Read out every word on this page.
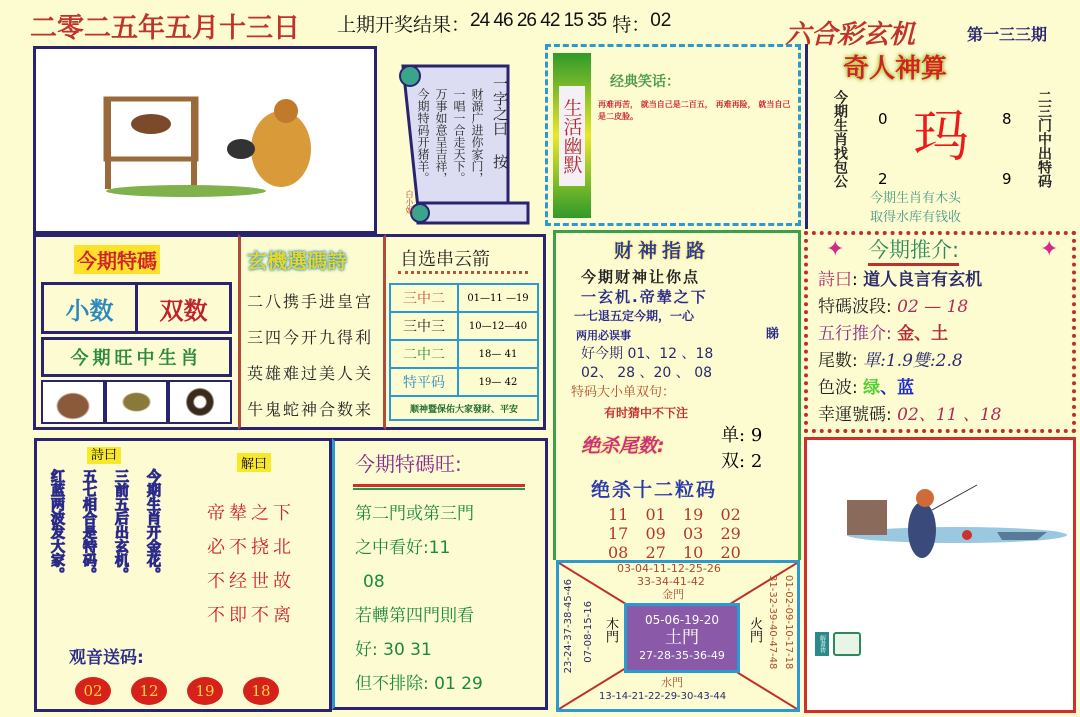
二零二五年五月十三日 上期开奖结果： 24 46 26 42 15 35 特： 02	六合彩玄机	第一三三期
一字之曰 按
财源广进你家门，
一唱一合走天下。
万事如意呈吉祥，
今期特码开猪羊。
白小姐
生活幽默
经典笑话：
再难再苦， 就当自己是二百五， 再难再险， 就当自己是二皮脸。
奇人神算
今期生肖找包公	二三门中出特码
玛
0	8
2	9
今期生肖有木头
取得水库有钱收
今期特碼
小数	双数
今期旺中生肖
玄機選碼詩
二八携手进皇宫
三四今开九得利
英雄难过美人关
牛鬼蛇神合数来
自选串云箭
三中二	01—11 —19
三中三	10—12—40
二中二	18— 41
特平码	19— 42
顺神暨保佑大家發財、平安
财神指路
今期财神让你点
一玄机.帝辇之下
一七退五定今期，一心
两用必误事	睇
好今期 01、12 、18
02、 28 、20 、 08
特码大小单双句：
有时猜中不下注
绝杀尾数:	单: 9
双: 2
绝杀十二粒码
11	01	19	02
17	09	03	29
08	27	10	20
✦	✦
今期推介:
詩曰: 道人良言有玄机
特碼波段: 02 — 18
五行推介: 金、土
尾數: 單:1.9雙:2.8
色波: 绿、蓝
幸運號碼: 02、11 、18
詩曰
红蓝两波发大家。 五七相合是特码。 三前五后出玄机。 今期生肖开金花。
解曰
帝辇之下
必不挠北
不经世故
不即不离
观音送码:
02	12	19	18
今期特碼旺:
第二門或第三門
之中看好:11
08
若轉第四門則看
好: 30 31
但不排除: 01 29
03-04-11-12-25-26
33-34-41-42
金門
05-06-19-20
土門
27-28-35-36-49
木門
07-08-15-16
23-24-37-38-45-46	火門 01-02-09-10-17-18
31-32-39-40-47-48
水門
13-14-21-22-29-30-43-44
解畫祷
